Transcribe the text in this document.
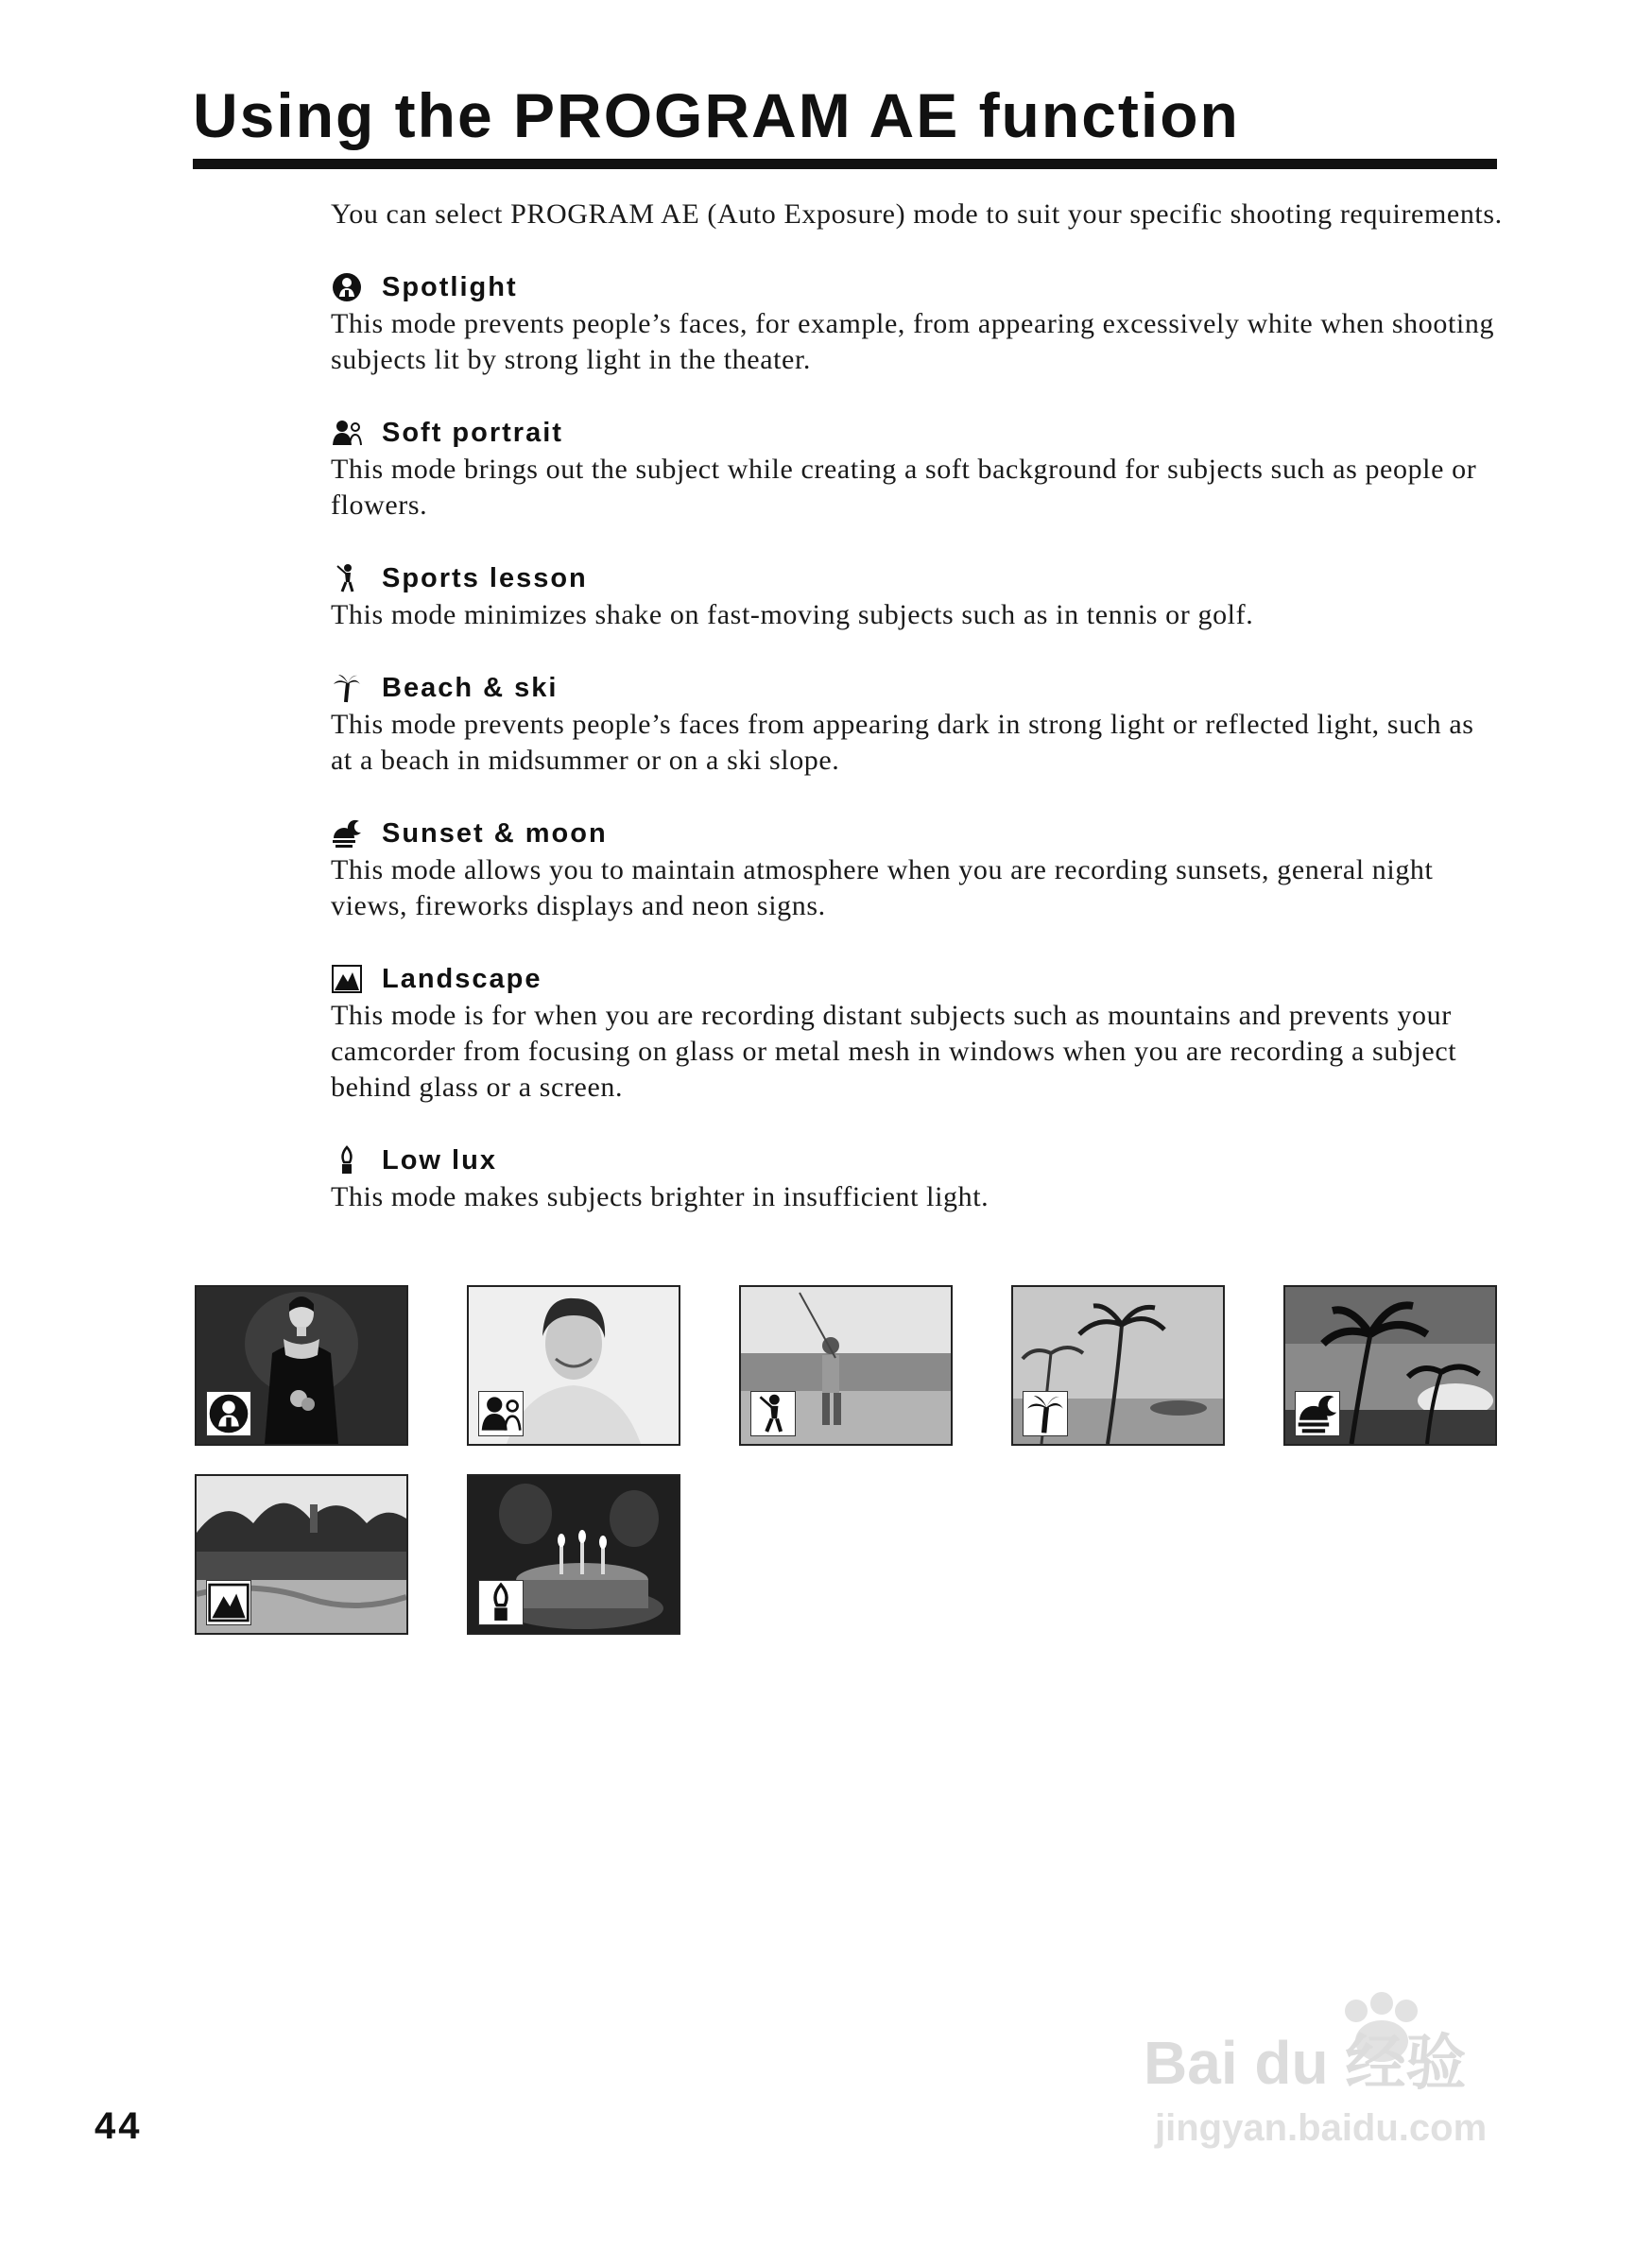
Using the PROGRAM AE function

You can select PROGRAM AE (Auto Exposure) mode to suit your specific shooting requirements.

Spotlight

This mode prevents people’s faces, for example, from appearing excessively white when shooting subjects lit by strong light in the theater.

Soft portrait

This mode brings out the subject while creating a soft background for subjects such as people or flowers.

Sports lesson

This mode minimizes shake on fast-moving subjects such as in tennis or golf.

Beach & ski

This mode prevents people’s faces from appearing dark in strong light or reflected light, such as at a beach in midsummer or on a ski slope.

Sunset & moon

This mode allows you to maintain atmosphere when you are recording sunsets, general night views, fireworks displays and neon signs.

Landscape

This mode is for when you are recording distant subjects such as mountains and prevents your camcorder from focusing on glass or metal mesh in windows when you are recording a subject behind glass or a screen.

Low lux

This mode makes subjects brighter in insufficient light.

44
Bai du 经验
jingyan.baidu.com
